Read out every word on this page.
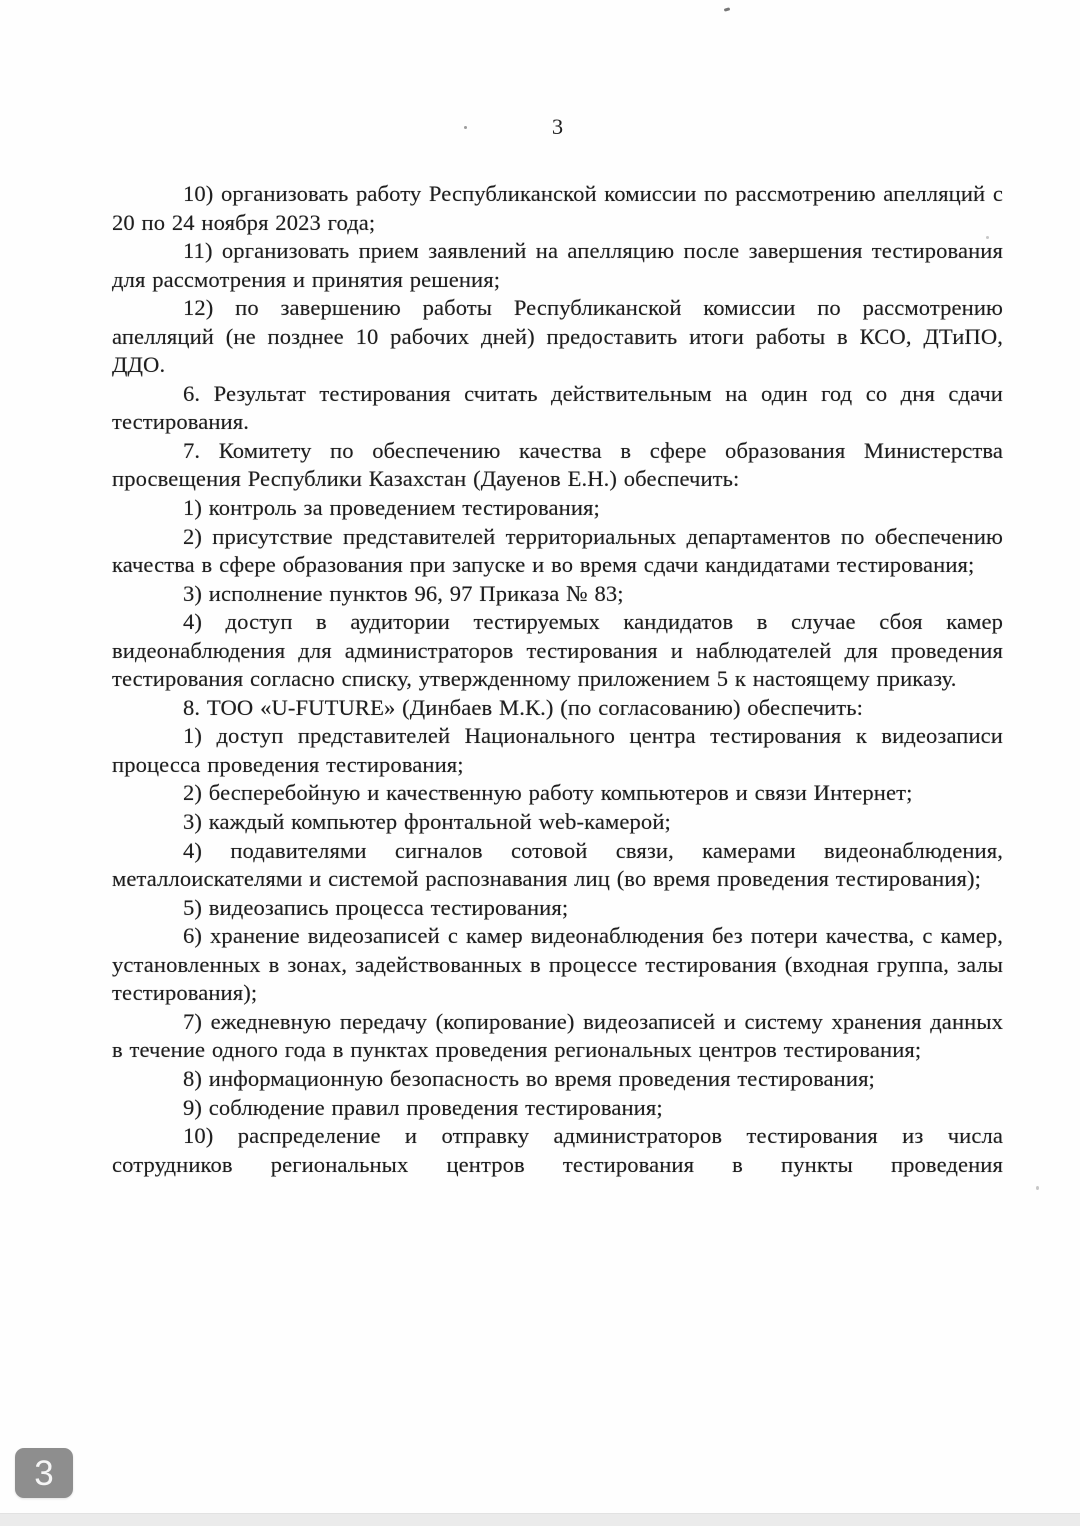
3

10) организовать работу Республиканской комиссии по рассмотрению апелляций с 20 по 24 ноября 2023 года;

11) организовать прием заявлений на апелляцию после завершения тестирования для рассмотрения и принятия решения;

12) по завершению работы Республиканской комиссии по рассмотрению апелляций (не позднее 10 рабочих дней) предоставить итоги работы в КСО, ДТиПО, ДДО.

6. Результат тестирования считать действительным на один год со дня сдачи тестирования.

7. Комитету по обеспечению качества в сфере образования Министерства просвещения Республики Казахстан (Дауенов Е.Н.) обеспечить:

1) контроль за проведением тестирования;

2) присутствие представителей территориальных департаментов по обеспечению качества в сфере образования при запуске и во время сдачи кандидатами тестирования;

3) исполнение пунктов 96, 97 Приказа № 83;

4) доступ в аудитории тестируемых кандидатов в случае сбоя камер видеонаблюдения для администраторов тестирования и наблюдателей для проведения тестирования согласно списку, утвержденному приложением 5 к настоящему приказу.

8. ТОО «U-FUTURE» (Динбаев М.К.) (по согласованию) обеспечить:

1) доступ представителей Национального центра тестирования к видеозаписи процесса проведения тестирования;

2) бесперебойную и качественную работу компьютеров и связи Интернет;

3) каждый компьютер фронтальной web-камерой;

4) подавителями сигналов сотовой связи, камерами видеонаблюдения, металлоискателями и системой распознавания лиц (во время проведения тестирования);

5) видеозапись процесса тестирования;

6) хранение видеозаписей с камер видеонаблюдения без потери качества, с камер, установленных в зонах, задействованных в процессе тестирования (входная группа, залы тестирования);

7) ежедневную передачу (копирование) видеозаписей и систему хранения данных в течение одного года в пунктах проведения региональных центров тестирования;

8) информационную безопасность во время проведения тестирования;

9) соблюдение правил проведения тестирования;

10) распределение и отправку администраторов тестирования из числа сотрудников региональных центров тестирования в пункты проведения

3
